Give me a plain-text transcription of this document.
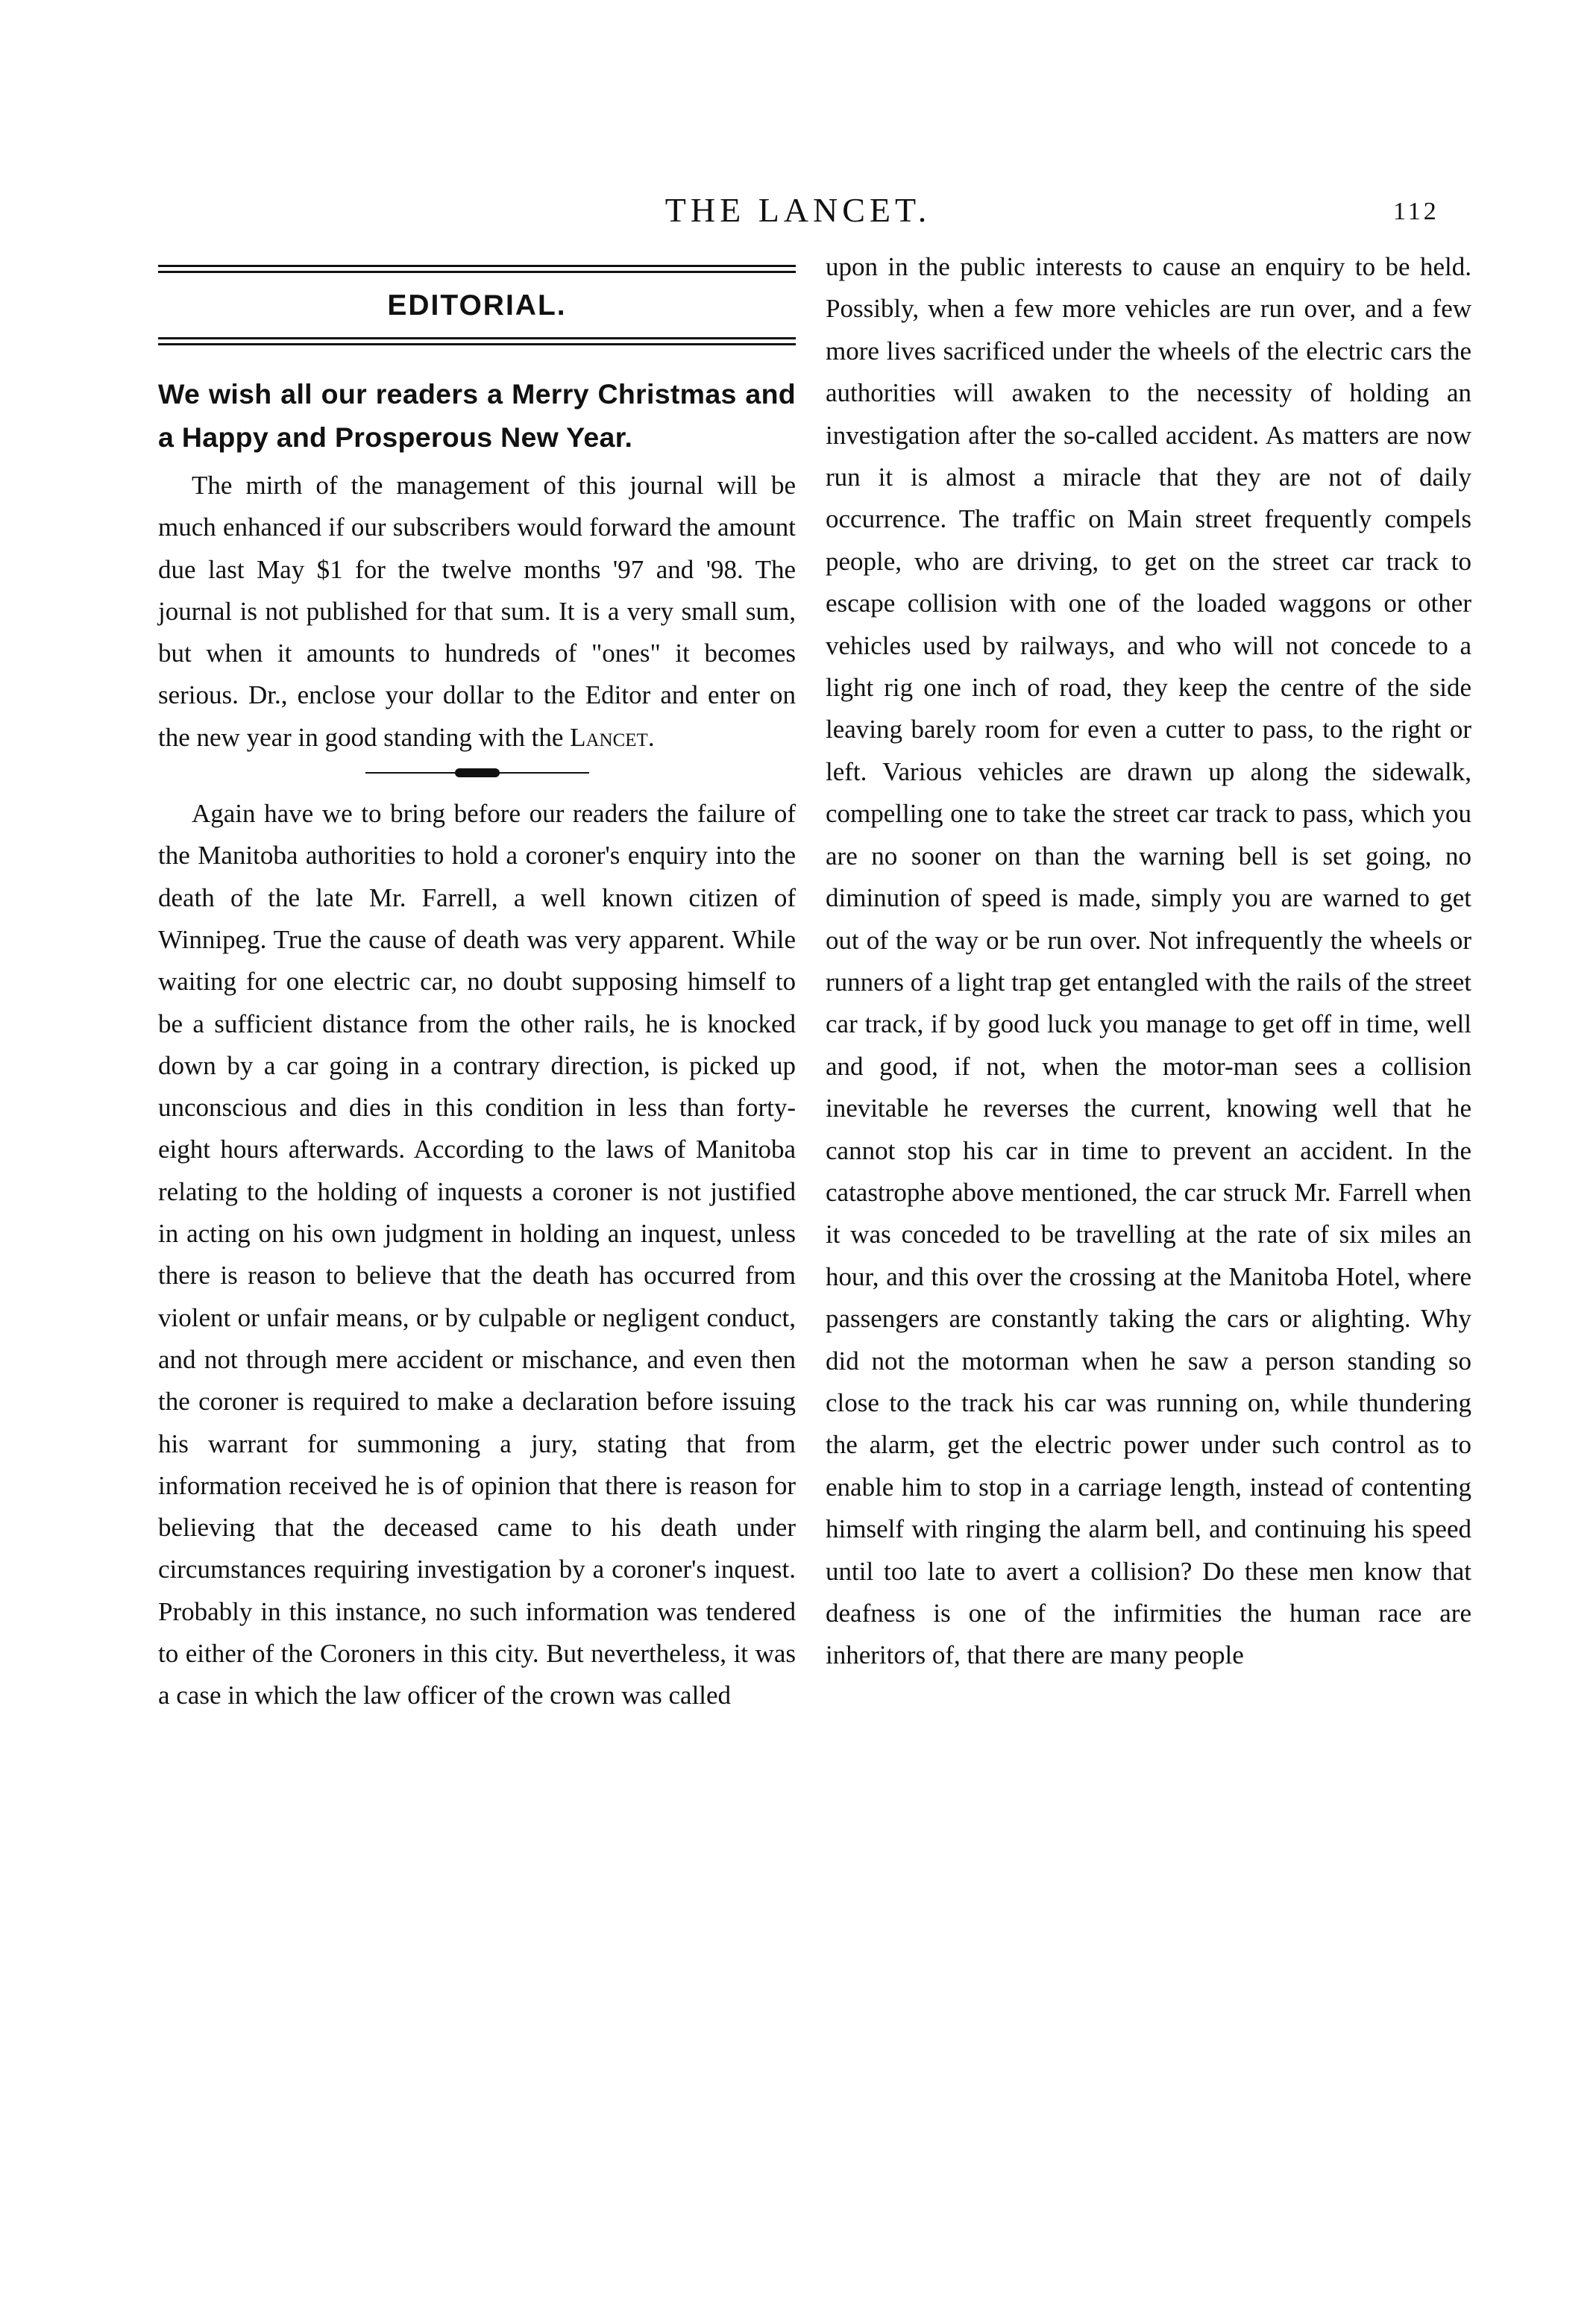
THE LANCET.	112
EDITORIAL.
We wish all our readers a Merry Christmas and a Happy and Prosperous New Year.

The mirth of the management of this journal will be much enhanced if our subscribers would forward the amount due last May $1 for the twelve months '97 and '98. The journal is not published for that sum. It is a very small sum, but when it amounts to hundreds of "ones" it becomes serious. Dr., enclose your dollar to the Editor and enter on the new year in good standing with the Lancet.

Again have we to bring before our readers the failure of the Manitoba authorities to hold a coroner's enquiry into the death of the late Mr. Farrell, a well known citizen of Winnipeg. True the cause of death was very apparent. While waiting for one electric car, no doubt supposing himself to be a sufficient distance from the other rails, he is knocked down by a car going in a contrary direction, is picked up unconscious and dies in this condition in less than forty-eight hours afterwards. According to the laws of Manitoba relating to the holding of inquests a coroner is not justified in acting on his own judgment in holding an inquest, unless there is reason to believe that the death has occurred from violent or unfair means, or by culpable or negligent conduct, and not through mere accident or mischance, and even then the coroner is required to make a declaration before issuing his warrant for summoning a jury, stating that from information received he is of opinion that there is reason for believing that the deceased came to his death under circumstances requiring investigation by a coroner's inquest. Probably in this instance, no such information was tendered to either of the Coroners in this city. But nevertheless, it was a case in which the law officer of the crown was called

upon in the public interests to cause an enquiry to be held. Possibly, when a few more vehicles are run over, and a few more lives sacrificed under the wheels of the electric cars the authorities will awaken to the necessity of holding an investigation after the so-called accident. As matters are now run it is almost a miracle that they are not of daily occurrence. The traffic on Main street frequently compels people, who are driving, to get on the street car track to escape collision with one of the loaded waggons or other vehicles used by railways, and who will not concede to a light rig one inch of road, they keep the centre of the side leaving barely room for even a cutter to pass, to the right or left. Various vehicles are drawn up along the sidewalk, compelling one to take the street car track to pass, which you are no sooner on than the warning bell is set going, no diminution of speed is made, simply you are warned to get out of the way or be run over. Not infrequently the wheels or runners of a light trap get entangled with the rails of the street car track, if by good luck you manage to get off in time, well and good, if not, when the motor-man sees a collision inevitable he reverses the current, knowing well that he cannot stop his car in time to prevent an accident. In the catastrophe above mentioned, the car struck Mr. Farrell when it was conceded to be travelling at the rate of six miles an hour, and this over the crossing at the Manitoba Hotel, where passengers are constantly taking the cars or alighting. Why did not the motorman when he saw a person standing so close to the track his car was running on, while thundering the alarm, get the electric power under such control as to enable him to stop in a carriage length, instead of contenting himself with ringing the alarm bell, and continuing his speed until too late to avert a collision? Do these men know that deafness is one of the infirmities the human race are inheritors of, that there are many people
